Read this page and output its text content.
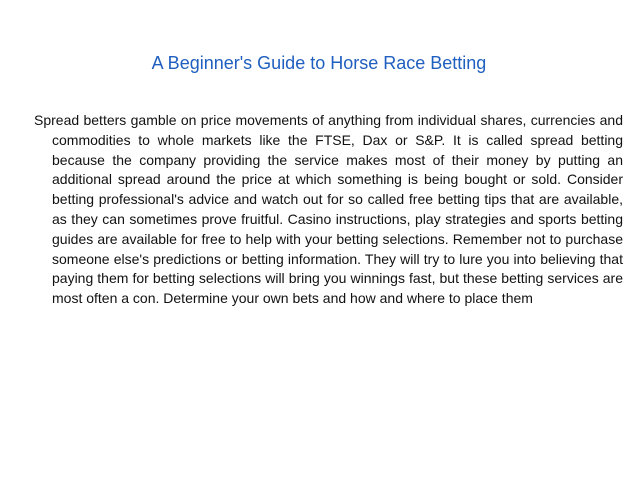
A Beginner's Guide to Horse Race Betting

Spread betters gamble on price movements of anything from individual shares, currencies and commodities to whole markets like the FTSE, Dax or S&P. It is called spread betting because the company providing the service makes most of their money by putting an additional spread around the price at which something is being bought or sold. Consider betting professional's advice and watch out for so called free betting tips that are available, as they can sometimes prove fruitful. Casino instructions, play strategies and sports betting guides are available for free to help with your betting selections. Remember not to purchase someone else's predictions or betting information. They will try to lure you into believing that paying them for betting selections will bring you winnings fast, but these betting services are most often a con. Determine your own bets and how and where to place them
